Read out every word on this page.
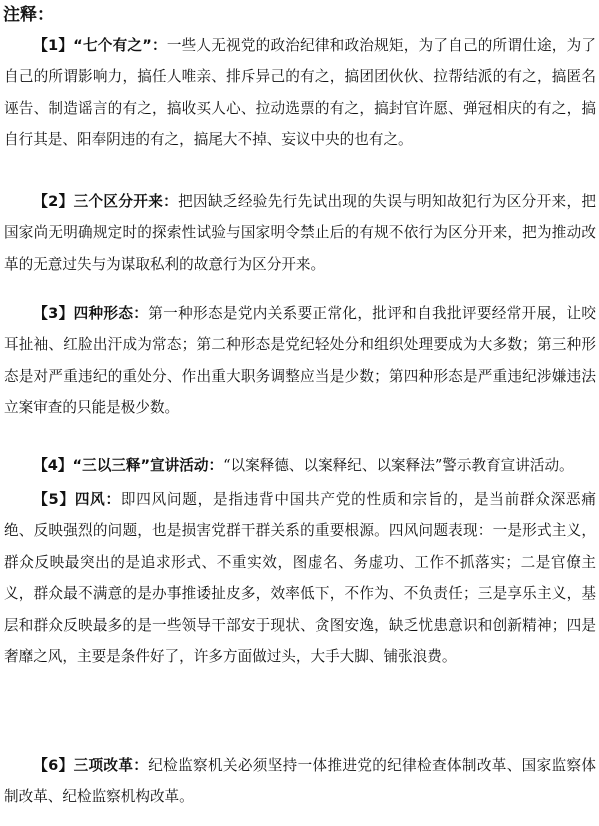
注释：

【1】“七个有之”：一些人无视党的政治纪律和政治规矩，为了自己的所谓仕途，为了自己的所谓影响力，搞任人唯亲、排斥异己的有之，搞团团伙伙、拉帮结派的有之，搞匿名诬告、制造谣言的有之，搞收买人心、拉动选票的有之，搞封官许愿、弹冠相庆的有之，搞自行其是、阳奉阴违的有之，搞尾大不掉、妄议中央的也有之。

【2】三个区分开来：把因缺乏经验先行先试出现的失误与明知故犯行为区分开来，把国家尚无明确规定时的探索性试验与国家明令禁止后的有规不依行为区分开来，把为推动改革的无意过失与为谋取私利的故意行为区分开来。

【3】四种形态：第一种形态是党内关系要正常化，批评和自我批评要经常开展，让咬耳扯袖、红脸出汗成为常态；第二种形态是党纪轻处分和组织处理要成为大多数；第三种形态是对严重违纪的重处分、作出重大职务调整应当是少数；第四种形态是严重违纪涉嫌违法立案审查的只能是极少数。

【4】“三以三释”宣讲活动：“以案释德、以案释纪、以案释法”警示教育宣讲活动。

【5】四风：即四风问题，是指违背中国共产党的性质和宗旨的，是当前群众深恶痛绝、反映强烈的问题，也是损害党群干群关系的重要根源。四风问题表现：一是形式主义，群众反映最突出的是追求形式、不重实效，图虚名、务虚功、工作不抓落实；二是官僚主义，群众最不满意的是办事推诿扯皮多，效率低下，不作为、不负责任；三是享乐主义，基层和群众反映最多的是一些领导干部安于现状、贪图安逸，缺乏忧患意识和创新精神；四是奢靡之风，主要是条件好了，许多方面做过头，大手大脚、铺张浪费。

【6】三项改革：纪检监察机关必须坚持一体推进党的纪律检查体制改革、国家监察体制改革、纪检监察机构改革。
